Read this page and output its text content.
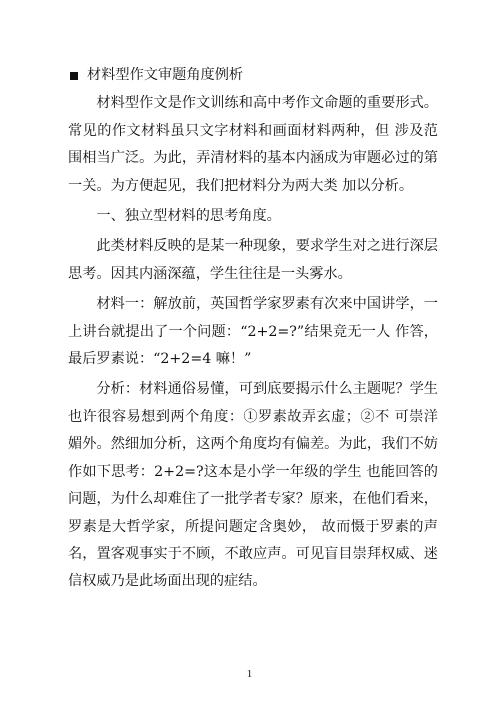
材料型作文审题角度例析

材料型作文是作文训练和高中考作文命题的重要形式。常见的作文材料虽只文字材料和画面材料两种，但 涉及范围相当广泛。为此，弄清材料的基本内涵成为审题必过的第一关。为方便起见，我们把材料分为两大类 加以分析。

一、独立型材料的思考角度。

此类材料反映的是某一种现象，要求学生对之进行深层思考。因其内涵深蕴，学生往往是一头雾水。

材料一：解放前，英国哲学家罗素有次来中国讲学，一上讲台就提出了一个问题：“2+2=?”结果竞无一人 作答，最后罗素说：“2+2=4 嘛！”

分析：材料通俗易懂，可到底要揭示什么主题呢？学生也许很容易想到两个角度：①罗素故弄玄虚；②不 可崇洋媚外。然细加分析，这两个角度均有偏差。为此，我们不妨作如下思考：2+2=?这本是小学一年级的学生 也能回答的问题，为什么却难住了一批学者专家？原来，在他们看来，罗素是大哲学家，所提问题定含奥妙， 故而慑于罗素的声名，置客观事实于不顾，不敢应声。可见盲目崇拜权威、迷信权威乃是此场面出现的症结。

1
